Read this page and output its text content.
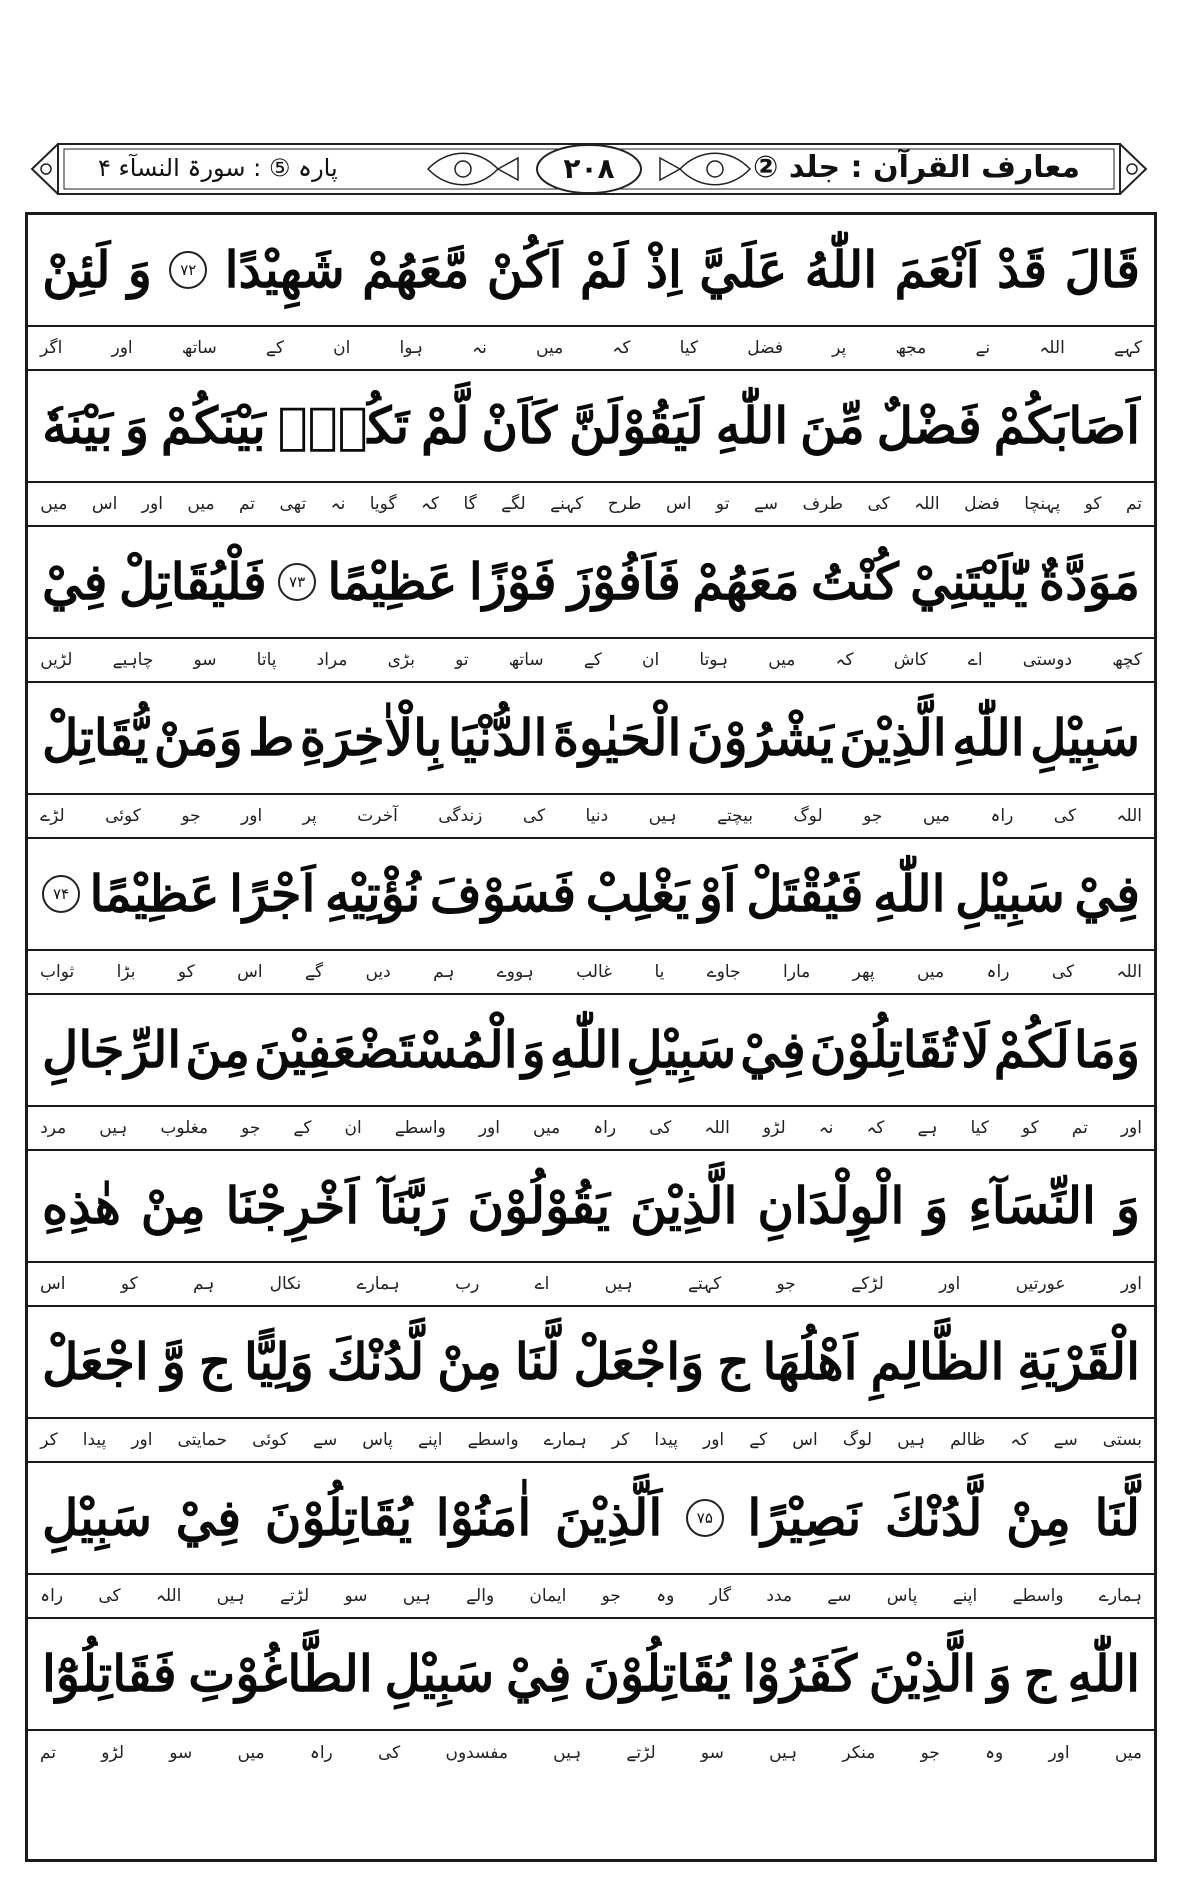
معارف القرآن : جلد ②
۲۰۸
پارہ ⑤ : سورۃ النسآء ۴
قَالَ
قَدْ
اَنْعَمَ
اللّٰهُ
عَلَيَّ
اِذْ
لَمْ
اَكُنْ
مَّعَهُمْ
شَهِيْدًا
۷۲
وَ
لَئِنْ
کہے
اللہ
نے
مجھ
پر
فضل
کیا
کہ
میں
نہ
ہوا
ان
کے
ساتھ
اور
اگر
اَصَابَكُمْ
فَضْلٌ
مِّنَ
اللّٰهِ
لَيَقُوْلَنَّ
كَاَنْ
لَّمْ
تَكُنْۢ
بَيْنَكُمْ
وَ
بَيْنَهٗ
تم
کو
پہنچا
فضل
اللہ
کی
طرف
سے
تو
اس
طرح
کہنے
لگے
گا
کہ
گویا
نہ
تھی
تم
میں
اور
اس
میں
مَوَدَّةٌ
يّٰلَيْتَنِيْ
كُنْتُ
مَعَهُمْ
فَاَفُوْزَ
فَوْزًا
عَظِيْمًا
۷۳
فَلْيُقَاتِلْ
فِيْ
کچھ
دوستی
اے
کاش
کہ
میں
ہوتا
ان
کے
ساتھ
تو
بڑی
مراد
پاتا
سو
چاہیے
لڑیں
سَبِيْلِ
اللّٰهِ
الَّذِيْنَ
يَشْرُوْنَ
الْحَيٰوةَ
الدُّنْيَا
بِالْاٰخِرَةِ
ط
وَمَنْ
يُّقَاتِلْ
اللہ
کی
راہ
میں
جو
لوگ
بیچتے
ہیں
دنیا
کی
زندگی
آخرت
پر
اور
جو
کوئی
لڑے
فِيْ
سَبِيْلِ
اللّٰهِ
فَيُقْتَلْ
اَوْ
يَغْلِبْ
فَسَوْفَ
نُؤْتِيْهِ
اَجْرًا
عَظِيْمًا
۷۴
اللہ
کی
راہ
میں
پھر
مارا
جاوے
یا
غالب
ہووے
ہم
دیں
گے
اس
کو
بڑا
ثواب
وَمَا
لَكُمْ
لَا
تُقَاتِلُوْنَ
فِيْ
سَبِيْلِ
اللّٰهِ
وَ
الْمُسْتَضْعَفِيْنَ
مِنَ
الرِّجَالِ
اور
تم
کو
کیا
ہے
کہ
نہ
لڑو
اللہ
کی
راہ
میں
اور
واسطے
ان
کے
جو
مغلوب
ہیں
مرد
وَ
النِّسَآءِ
وَ
الْوِلْدَانِ
الَّذِيْنَ
يَقُوْلُوْنَ
رَبَّنَآ
اَخْرِجْنَا
مِنْ
هٰذِهِ
اور
عورتیں
اور
لڑکے
جو
کہتے
ہیں
اے
رب
ہمارے
نکال
ہم
کو
اس
الْقَرْيَةِ
الظَّالِمِ
اَهْلُهَا
ج
وَاجْعَلْ
لَّنَا
مِنْ
لَّدُنْكَ
وَلِيًّا
ج
وَّ
اجْعَلْ
بستی
سے
کہ
ظالم
ہیں
لوگ
اس
کے
اور
پیدا
کر
ہمارے
واسطے
اپنے
پاس
سے
کوئی
حمایتی
اور
پیدا
کر
لَّنَا
مِنْ
لَّدُنْكَ
نَصِيْرًا
۷۵
اَلَّذِيْنَ
اٰمَنُوْا
يُقَاتِلُوْنَ
فِيْ
سَبِيْلِ
ہمارے
واسطے
اپنے
پاس
سے
مدد
گار
وہ
جو
ایمان
والے
ہیں
سو
لڑتے
ہیں
اللہ
کی
راہ
اللّٰهِ
ج
وَ
الَّذِيْنَ
كَفَرُوْا
يُقَاتِلُوْنَ
فِيْ
سَبِيْلِ
الطَّاغُوْتِ
فَقَاتِلُوْٓا
میں
اور
وہ
جو
منکر
ہیں
سو
لڑتے
ہیں
مفسدوں
کی
راہ
میں
سو
لڑو
تم
